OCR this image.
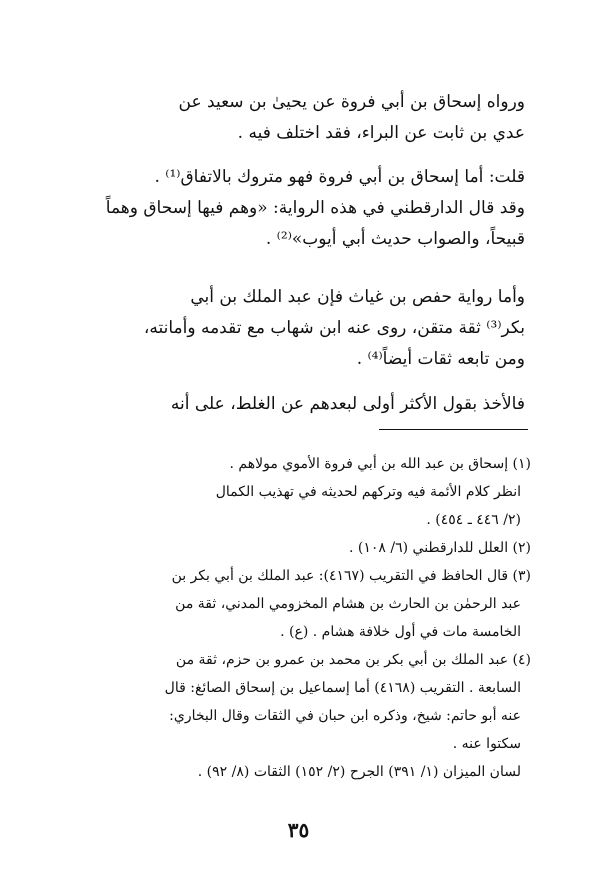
ورواه إسحاق بن أبي فروة عن يحيىٰ بن سعيد عن
عدي بن ثابت عن البراء، فقد اختلف فيه .
قلت: أما إسحاق بن أبي فروة فهو متروك بالاتفاق⁽¹⁾ .
وقد قال الدارقطني في هذه الرواية: «وهم فيها إسحاق وهماً
قبيحاً، والصواب حديث أبي أيوب»⁽²⁾ .
وأما رواية حفص بن غياث فإن عبد الملك بن أبي
بكر⁽³⁾ ثقة متقن، روى عنه ابن شهاب مع تقدمه وأمانته،
ومن تابعه ثقات أيضاً⁽⁴⁾ .
فالأخذ بقول الأكثر أولى لبعدهم عن الغلط، على أنه
(١) إسحاق بن عبد الله بن أبي فروة الأموي مولاهم .
انظر كلام الأئمة فيه وتركهم لحديثه في تهذيب الكمال
(٢/ ٤٤٦ ـ ٤٥٤) .
(٢) العلل للدارقطني (٦/ ١٠٨) .
(٣) قال الحافظ في التقريب (٤١٦٧): عبد الملك بن أبي بكر بن
عبد الرحمٰن بن الحارث بن هشام المخزومي المدني، ثقة من
الخامسة مات في أول خلافة هشام . (ع) .
(٤) عبد الملك بن أبي بكر بن محمد بن عمرو بن حزم، ثقة من
السابعة . التقريب (٤١٦٨) أما إسماعيل بن إسحاق الصائغ: قال
عنه أبو حاتم: شيخ، وذكره ابن حبان في الثقات وقال البخاري:
سكتوا عنه .
لسان الميزان (١/ ٣٩١) الجرح (٢/ ١٥٢) الثقات (٨/ ٩٢) .
٣٥
